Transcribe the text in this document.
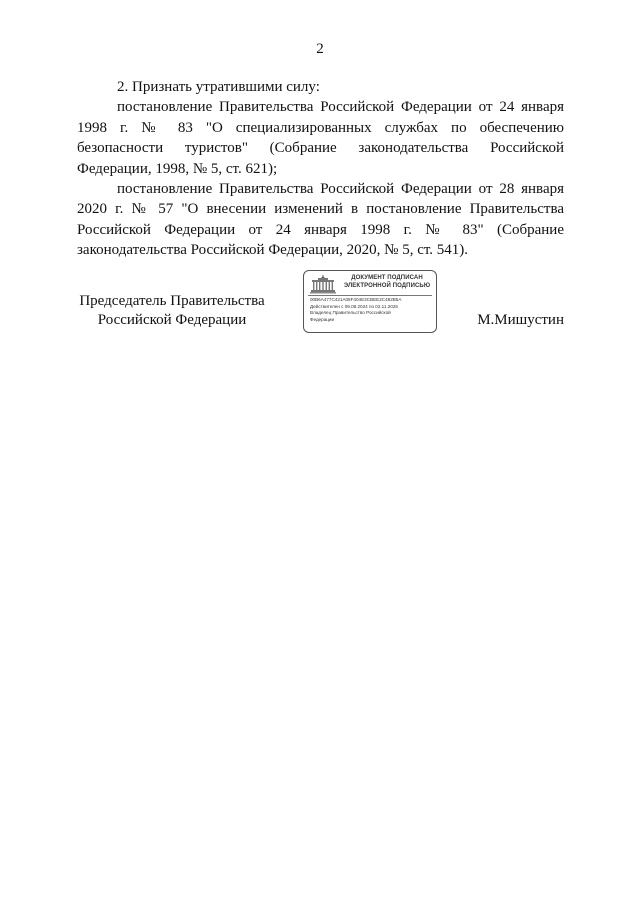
2

2. Признать утратившими силу:

постановление Правительства Российской Федерации от 24 января 1998 г. № 83 "О специализированных службах по обеспечению безопасности туристов" (Собрание законодательства Российской Федерации, 1998, № 5, ст. 621);

постановление Правительства Российской Федерации от 28 января 2020 г. № 57 "О внесении изменений в постановление Правительства Российской Федерации от 24 января 1998 г. № 83" (Собрание законодательства Российской Федерации, 2020, № 5, ст. 541).

Председатель Правительства
Российской Федерации
ДОКУМЕНТ ПОДПИСАН
ЭЛЕКТРОННОЙ ПОДПИСЬЮ
00B6A477C421A08F404E3CBEE2C482B5A
Действителен с 09.08.2024 по 02.11.2025
Владелец Правительство Российской
Федерации	М.Мишустин
